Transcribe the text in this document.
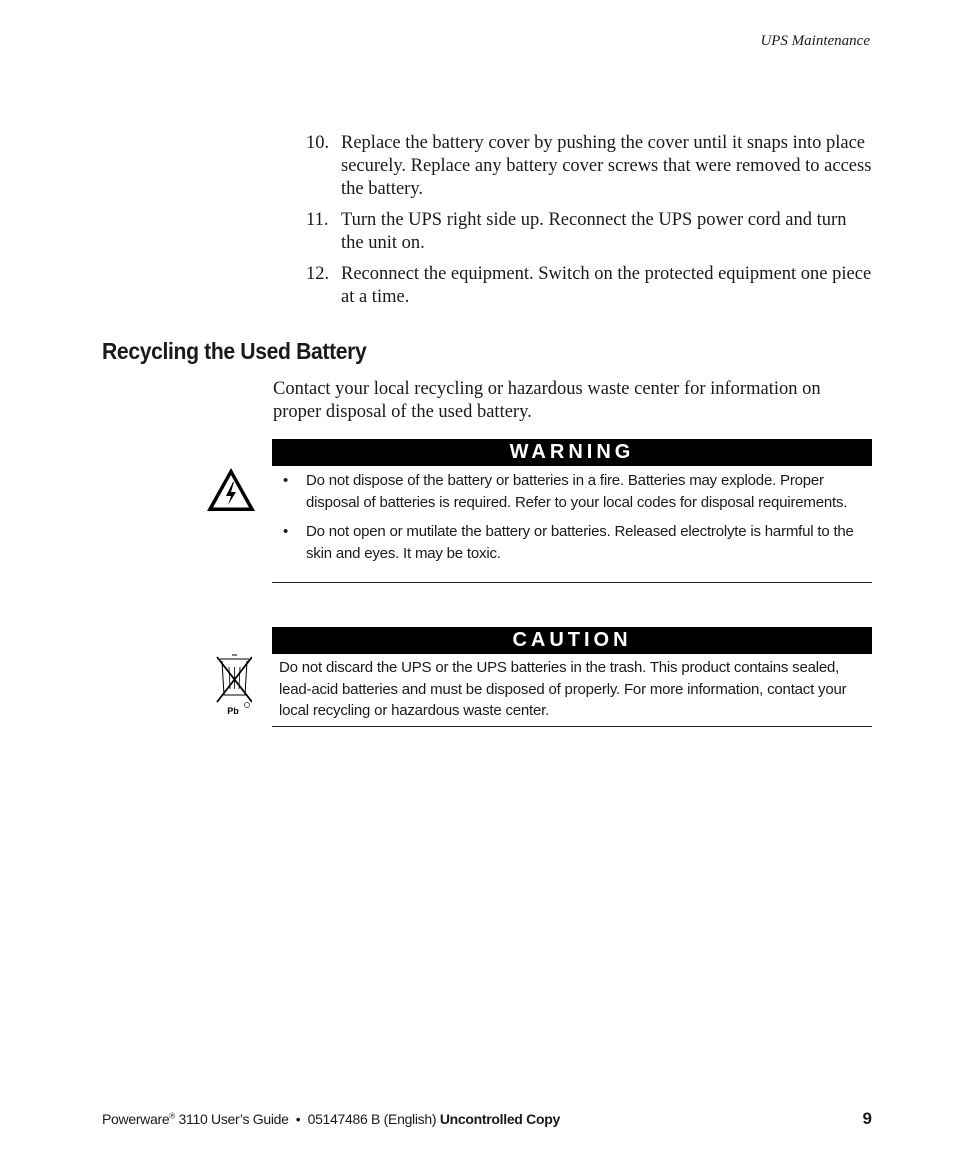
UPS Maintenance
10. Replace the battery cover by pushing the cover until it snaps into place securely. Replace any battery cover screws that were removed to access the battery.
11. Turn the UPS right side up. Reconnect the UPS power cord and turn the unit on.
12. Reconnect the equipment. Switch on the protected equipment one piece at a time.
Recycling the Used Battery

Contact your local recycling or hazardous waste center for information on proper disposal of the used battery.

WARNING
• Do not dispose of the battery or batteries in a fire. Batteries may explode. Proper disposal of batteries is required. Refer to your local codes for disposal requirements.
• Do not open or mutilate the battery or batteries. Released electrolyte is harmful to the skin and eyes. It may be toxic.
Pb
CAUTION
Do not discard the UPS or the UPS batteries in the trash. This product contains sealed, lead-acid batteries and must be disposed of properly. For more information, contact your local recycling or hazardous waste center.
Powerware® 3110 User’s Guide  •  05147486 B (English) Uncontrolled Copy	9
